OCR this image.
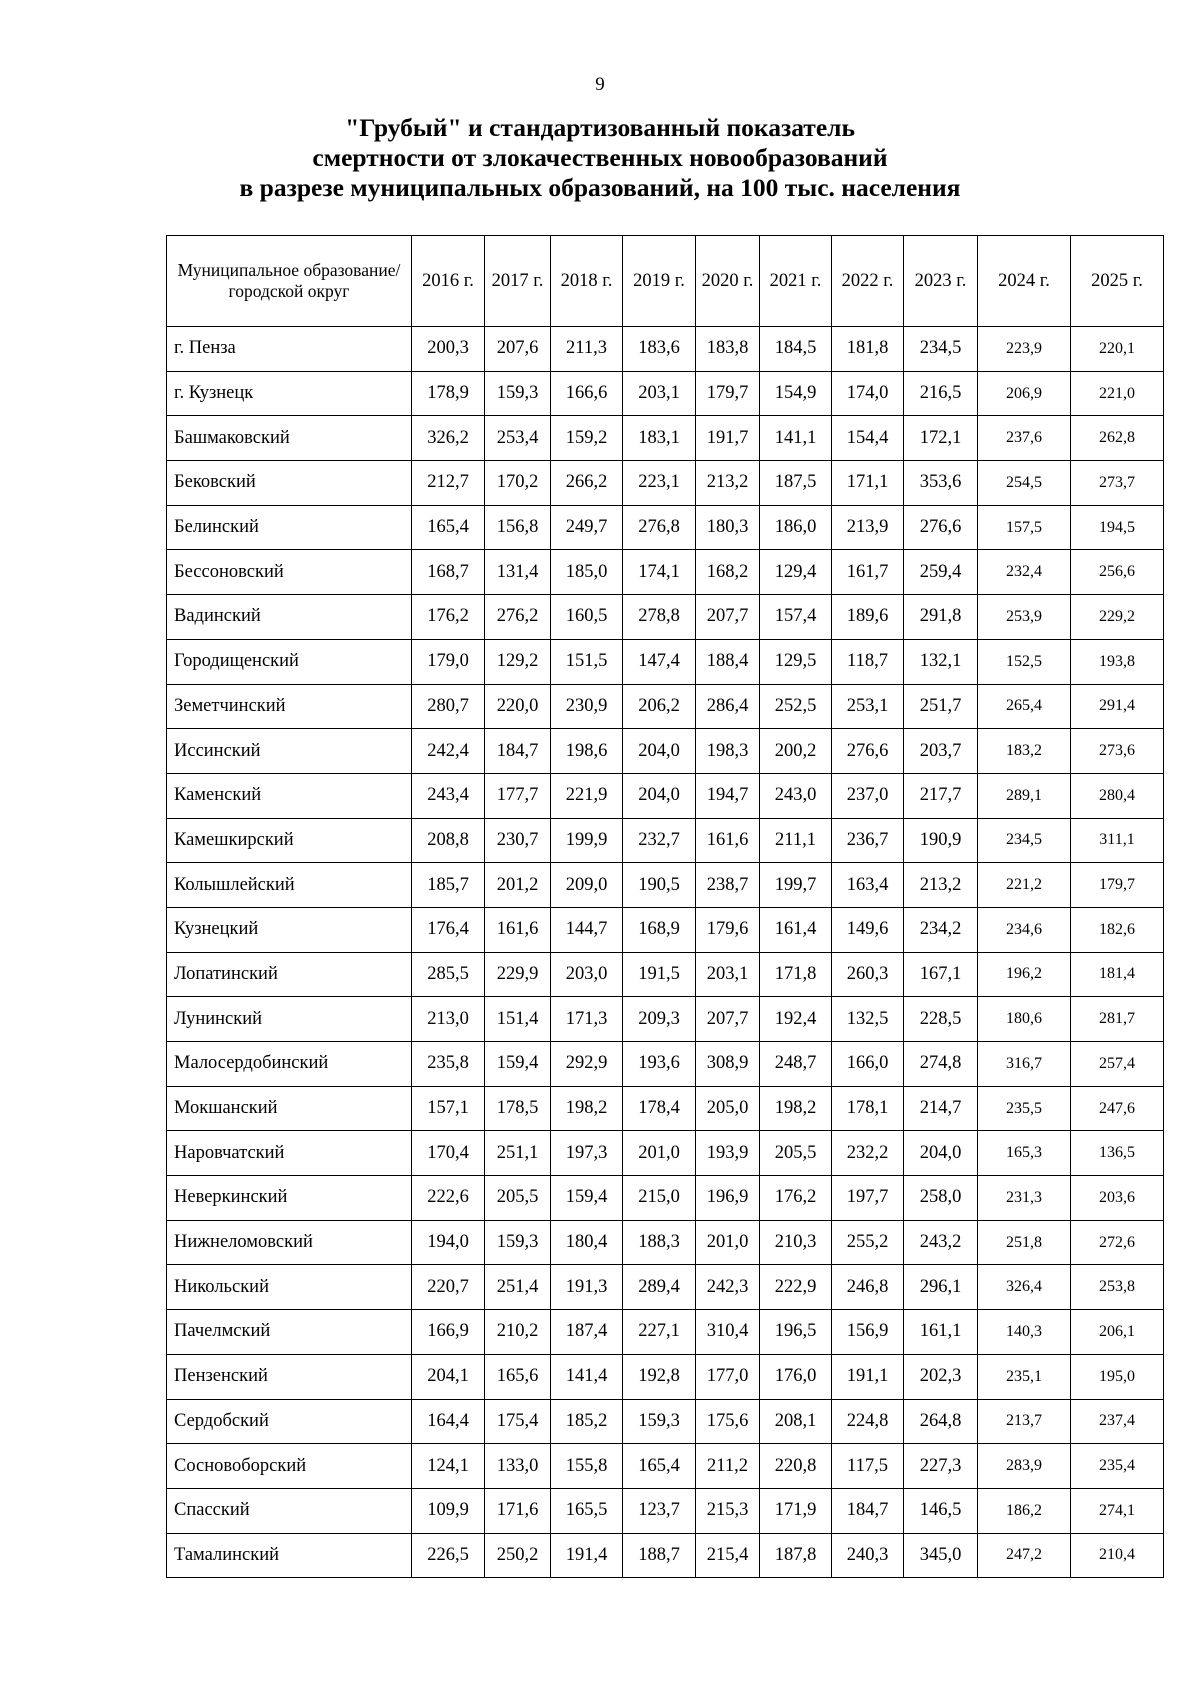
9
"Грубый" и стандартизованный показатель
смертности от злокачественных новообразований
в разрезе муниципальных образований, на 100 тыс. населения
Муниципальное образование/городской округ	2016 г.	2017 г.	2018 г.	2019 г.	2020 г.	2021 г.	2022 г.	2023 г.	2024 г.	2025 г.
г. Пенза	200,3	207,6	211,3	183,6	183,8	184,5	181,8	234,5	223,9	220,1
г. Кузнецк	178,9	159,3	166,6	203,1	179,7	154,9	174,0	216,5	206,9	221,0
Башмаковский	326,2	253,4	159,2	183,1	191,7	141,1	154,4	172,1	237,6	262,8
Бековский	212,7	170,2	266,2	223,1	213,2	187,5	171,1	353,6	254,5	273,7
Белинский	165,4	156,8	249,7	276,8	180,3	186,0	213,9	276,6	157,5	194,5
Бессоновский	168,7	131,4	185,0	174,1	168,2	129,4	161,7	259,4	232,4	256,6
Вадинский	176,2	276,2	160,5	278,8	207,7	157,4	189,6	291,8	253,9	229,2
Городищенский	179,0	129,2	151,5	147,4	188,4	129,5	118,7	132,1	152,5	193,8
Земетчинский	280,7	220,0	230,9	206,2	286,4	252,5	253,1	251,7	265,4	291,4
Иссинский	242,4	184,7	198,6	204,0	198,3	200,2	276,6	203,7	183,2	273,6
Каменский	243,4	177,7	221,9	204,0	194,7	243,0	237,0	217,7	289,1	280,4
Камешкирский	208,8	230,7	199,9	232,7	161,6	211,1	236,7	190,9	234,5	311,1
Колышлейский	185,7	201,2	209,0	190,5	238,7	199,7	163,4	213,2	221,2	179,7
Кузнецкий	176,4	161,6	144,7	168,9	179,6	161,4	149,6	234,2	234,6	182,6
Лопатинский	285,5	229,9	203,0	191,5	203,1	171,8	260,3	167,1	196,2	181,4
Лунинский	213,0	151,4	171,3	209,3	207,7	192,4	132,5	228,5	180,6	281,7
Малосердобинский	235,8	159,4	292,9	193,6	308,9	248,7	166,0	274,8	316,7	257,4
Мокшанский	157,1	178,5	198,2	178,4	205,0	198,2	178,1	214,7	235,5	247,6
Наровчатский	170,4	251,1	197,3	201,0	193,9	205,5	232,2	204,0	165,3	136,5
Неверкинский	222,6	205,5	159,4	215,0	196,9	176,2	197,7	258,0	231,3	203,6
Нижнеломовский	194,0	159,3	180,4	188,3	201,0	210,3	255,2	243,2	251,8	272,6
Никольский	220,7	251,4	191,3	289,4	242,3	222,9	246,8	296,1	326,4	253,8
Пачелмский	166,9	210,2	187,4	227,1	310,4	196,5	156,9	161,1	140,3	206,1
Пензенский	204,1	165,6	141,4	192,8	177,0	176,0	191,1	202,3	235,1	195,0
Сердобский	164,4	175,4	185,2	159,3	175,6	208,1	224,8	264,8	213,7	237,4
Сосновоборский	124,1	133,0	155,8	165,4	211,2	220,8	117,5	227,3	283,9	235,4
Спасский	109,9	171,6	165,5	123,7	215,3	171,9	184,7	146,5	186,2	274,1
Тамалинский	226,5	250,2	191,4	188,7	215,4	187,8	240,3	345,0	247,2	210,4
